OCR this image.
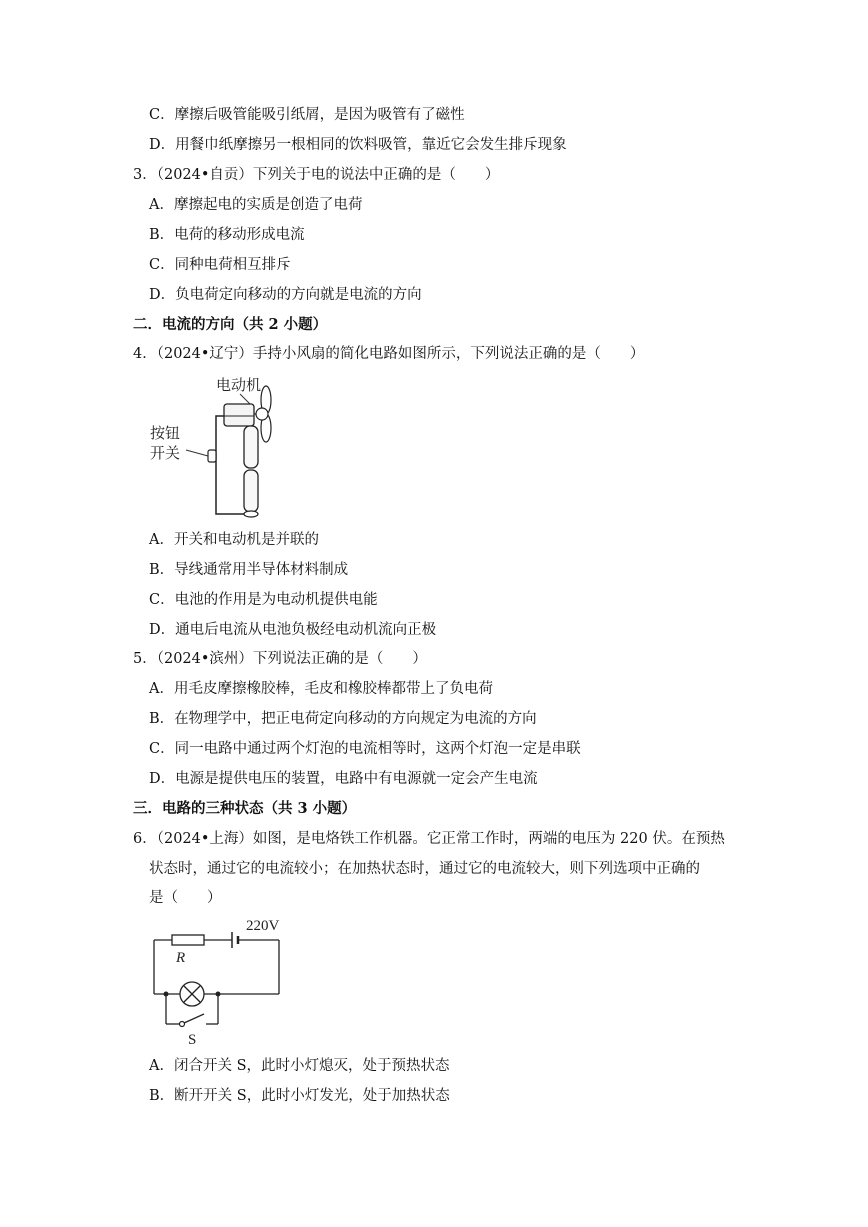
C．摩擦后吸管能吸引纸屑，是因为吸管有了磁性
D．用餐巾纸摩擦另一根相同的饮料吸管，靠近它会发生排斥现象
3．（2024•自贡）下列关于电的说法中正确的是（　　）
A．摩擦起电的实质是创造了电荷
B．电荷的移动形成电流
C．同种电荷相互排斥
D．负电荷定向移动的方向就是电流的方向
二．电流的方向（共 2 小题）
4．（2024•辽宁）手持小风扇的简化电路如图所示，下列说法正确的是（　　）
电动机
按钮
开关
A．开关和电动机是并联的
B．导线通常用半导体材料制成
C．电池的作用是为电动机提供电能
D．通电后电流从电池负极经电动机流向正极
5．（2024•滨州）下列说法正确的是（　　）
A．用毛皮摩擦橡胶棒，毛皮和橡胶棒都带上了负电荷
B．在物理学中，把正电荷定向移动的方向规定为电流的方向
C．同一电路中通过两个灯泡的电流相等时，这两个灯泡一定是串联
D．电源是提供电压的装置，电路中有电源就一定会产生电流
三．电路的三种状态（共 3 小题）
6．（2024•上海）如图，是电烙铁工作机器。它正常工作时，两端的电压为 220 伏。在预热
状态时，通过它的电流较小；在加热状态时，通过它的电流较大，则下列选项中正确的
是（　　）
220V
R
S
A．闭合开关 S，此时小灯熄灭，处于预热状态
B．断开开关 S，此时小灯发光，处于加热状态
